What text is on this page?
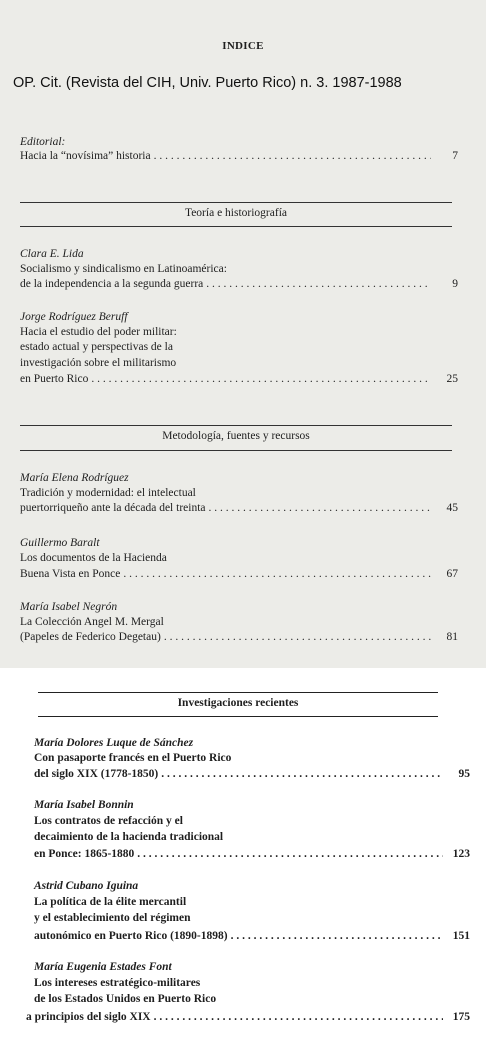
INDICE
OP. Cit. (Revista del CIH, Univ. Puerto Rico) n. 3. 1987-1988
Editorial:
Hacia la “novísima” historia . . .	7
Teoría e historiografía
Clara E. Lida
Socialismo y sindicalismo en Latinoamérica:
de la independencia a la segunda guerra . . .	9
Jorge Rodríguez Beruff
Hacia el estudio del poder militar:
estado actual y perspectivas de la
investigación sobre el militarismo
en Puerto Rico . . .	25
Metodología, fuentes y recursos
María Elena Rodríguez
Tradición y modernidad: el intelectual
puertorriqueño ante la década del treinta . . .	45
Guillermo Baralt
Los documentos de la Hacienda
Buena Vista en Ponce . . .	67
María Isabel Negrón
La Colección Angel M. Mergal
(Papeles de Federico Degetau) . . .	81
Investigaciones recientes
María Dolores Luque de Sánchez
Con pasaporte francés en el Puerto Rico
del siglo XIX (1778-1850) . . .	95
María Isabel Bonnin
Los contratos de refacción y el
decaimiento de la hacienda tradicional
en Ponce: 1865-1880 . . .	123
Astrid Cubano Iguina
La política de la élite mercantil
y el establecimiento del régimen
autonómico en Puerto Rico (1890-1898) . . .	151
María Eugenia Estades Font
Los intereses estratégico-militares
de los Estados Unidos en Puerto Rico
a principios del siglo XIX . . .	175
